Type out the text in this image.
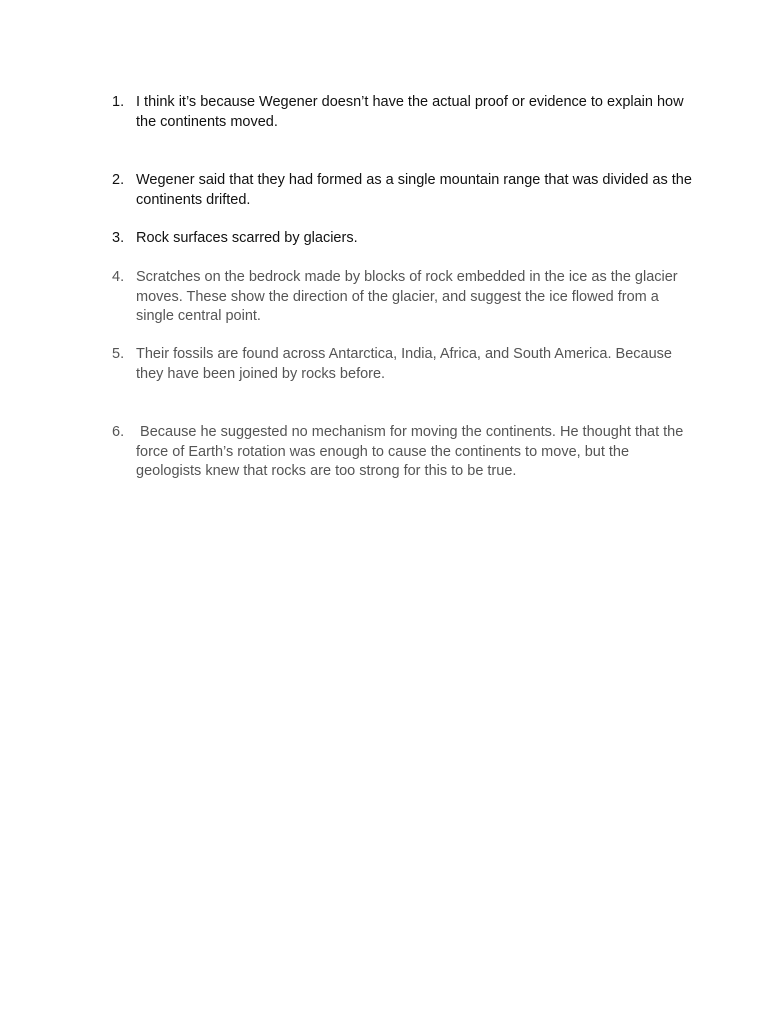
1. I think it’s because Wegener doesn’t have the actual proof or evidence to explain how the continents moved.
2. Wegener said that they had formed as a single mountain range that was divided as the continents drifted.
3. Rock surfaces scarred by glaciers.
4. Scratches on the bedrock made by blocks of rock embedded in the ice as the glacier moves. These show the direction of the glacier, and suggest the ice flowed from a single central point.
5. Their fossils are found across Antarctica, India, Africa, and South America. Because they have been joined by rocks before.
6. Because he suggested no mechanism for moving the continents. He thought that the force of Earth’s rotation was enough to cause the continents to move, but the geologists knew that rocks are too strong for this to be true.
